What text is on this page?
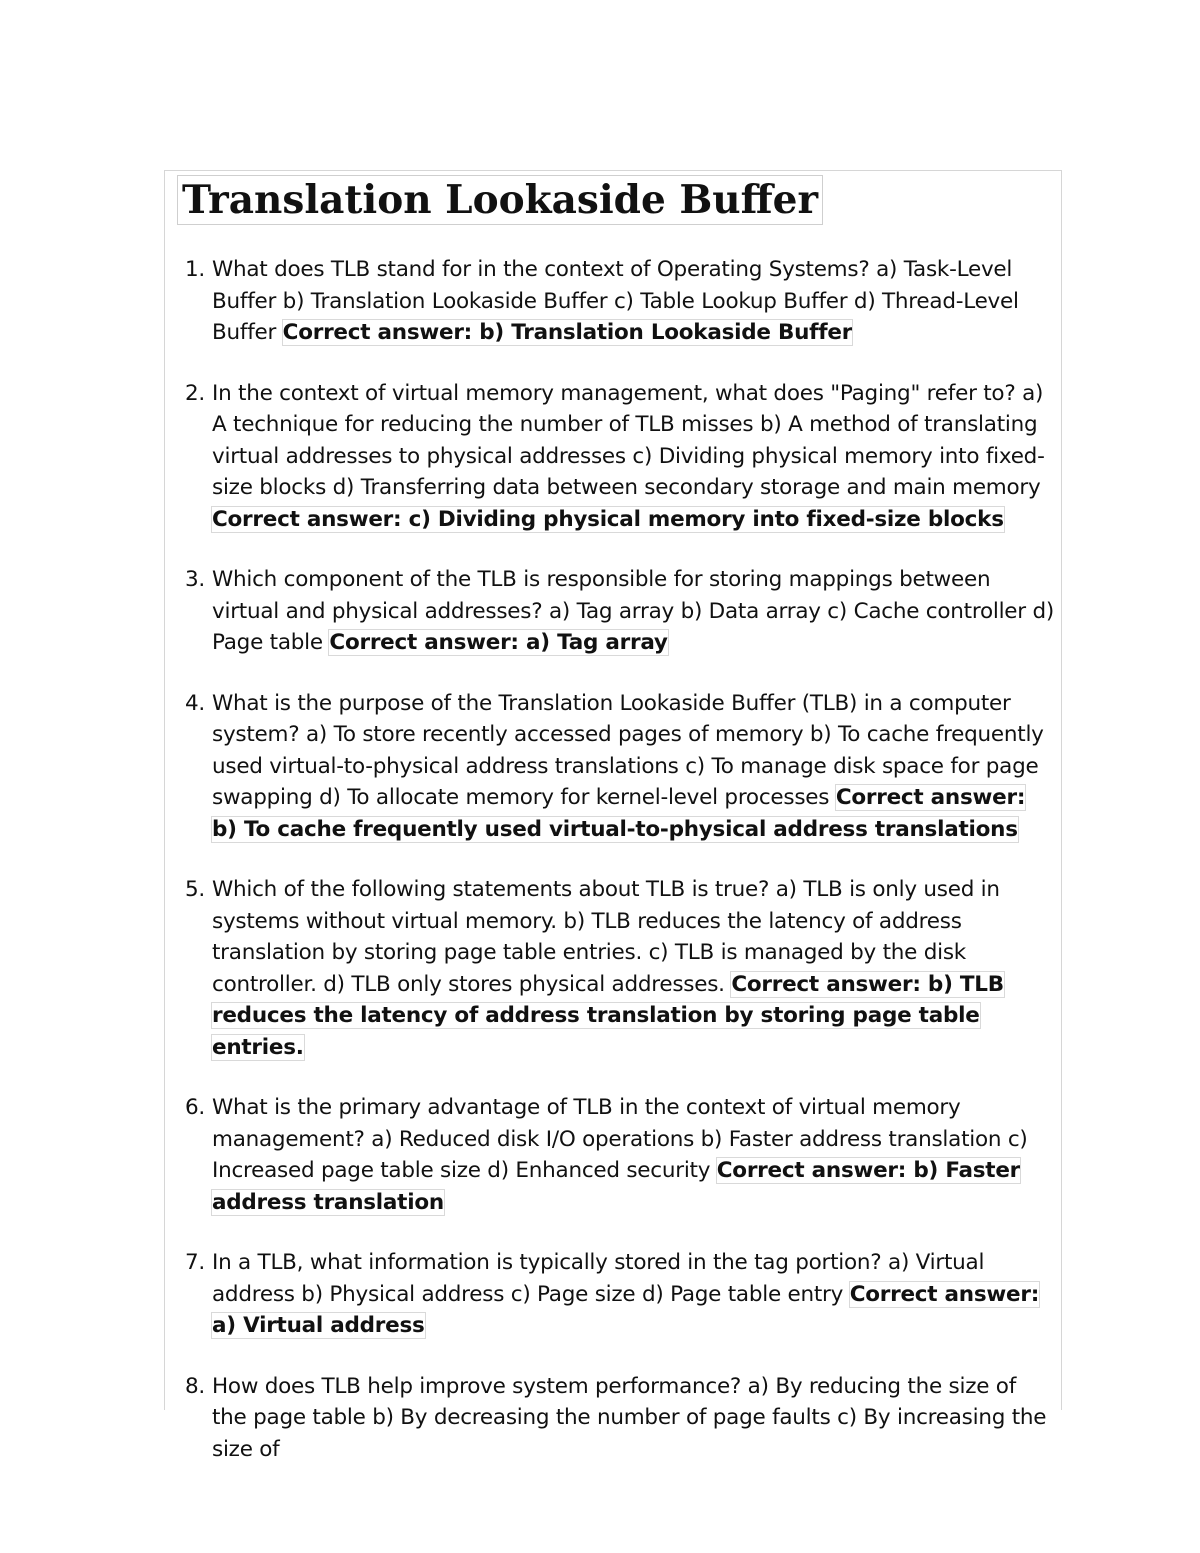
Translation Lookaside Buffer
1. What does TLB stand for in the context of Operating Systems? a) Task-Level Buffer b) Translation Lookaside Buffer c) Table Lookup Buffer d) Thread-Level Buffer Correct answer: b) Translation Lookaside Buffer
2. In the context of virtual memory management, what does "Paging" refer to? a) A technique for reducing the number of TLB misses b) A method of translating virtual addresses to physical addresses c) Dividing physical memory into fixed-size blocks d) Transferring data between secondary storage and main memory Correct answer: c) Dividing physical memory into fixed-size blocks
3. Which component of the TLB is responsible for storing mappings between virtual and physical addresses? a) Tag array b) Data array c) Cache controller d) Page table Correct answer: a) Tag array
4. What is the purpose of the Translation Lookaside Buffer (TLB) in a computer system? a) To store recently accessed pages of memory b) To cache frequently used virtual-to-physical address translations c) To manage disk space for page swapping d) To allocate memory for kernel-level processes Correct answer: b) To cache frequently used virtual-to-physical address translations
5. Which of the following statements about TLB is true? a) TLB is only used in systems without virtual memory. b) TLB reduces the latency of address translation by storing page table entries. c) TLB is managed by the disk controller. d) TLB only stores physical addresses. Correct answer: b) TLB reduces the latency of address translation by storing page table entries.
6. What is the primary advantage of TLB in the context of virtual memory management? a) Reduced disk I/O operations b) Faster address translation c) Increased page table size d) Enhanced security Correct answer: b) Faster address translation
7. In a TLB, what information is typically stored in the tag portion? a) Virtual address b) Physical address c) Page size d) Page table entry Correct answer: a) Virtual address
8. How does TLB help improve system performance? a) By reducing the size of the page table b) By decreasing the number of page faults c) By increasing the size of
